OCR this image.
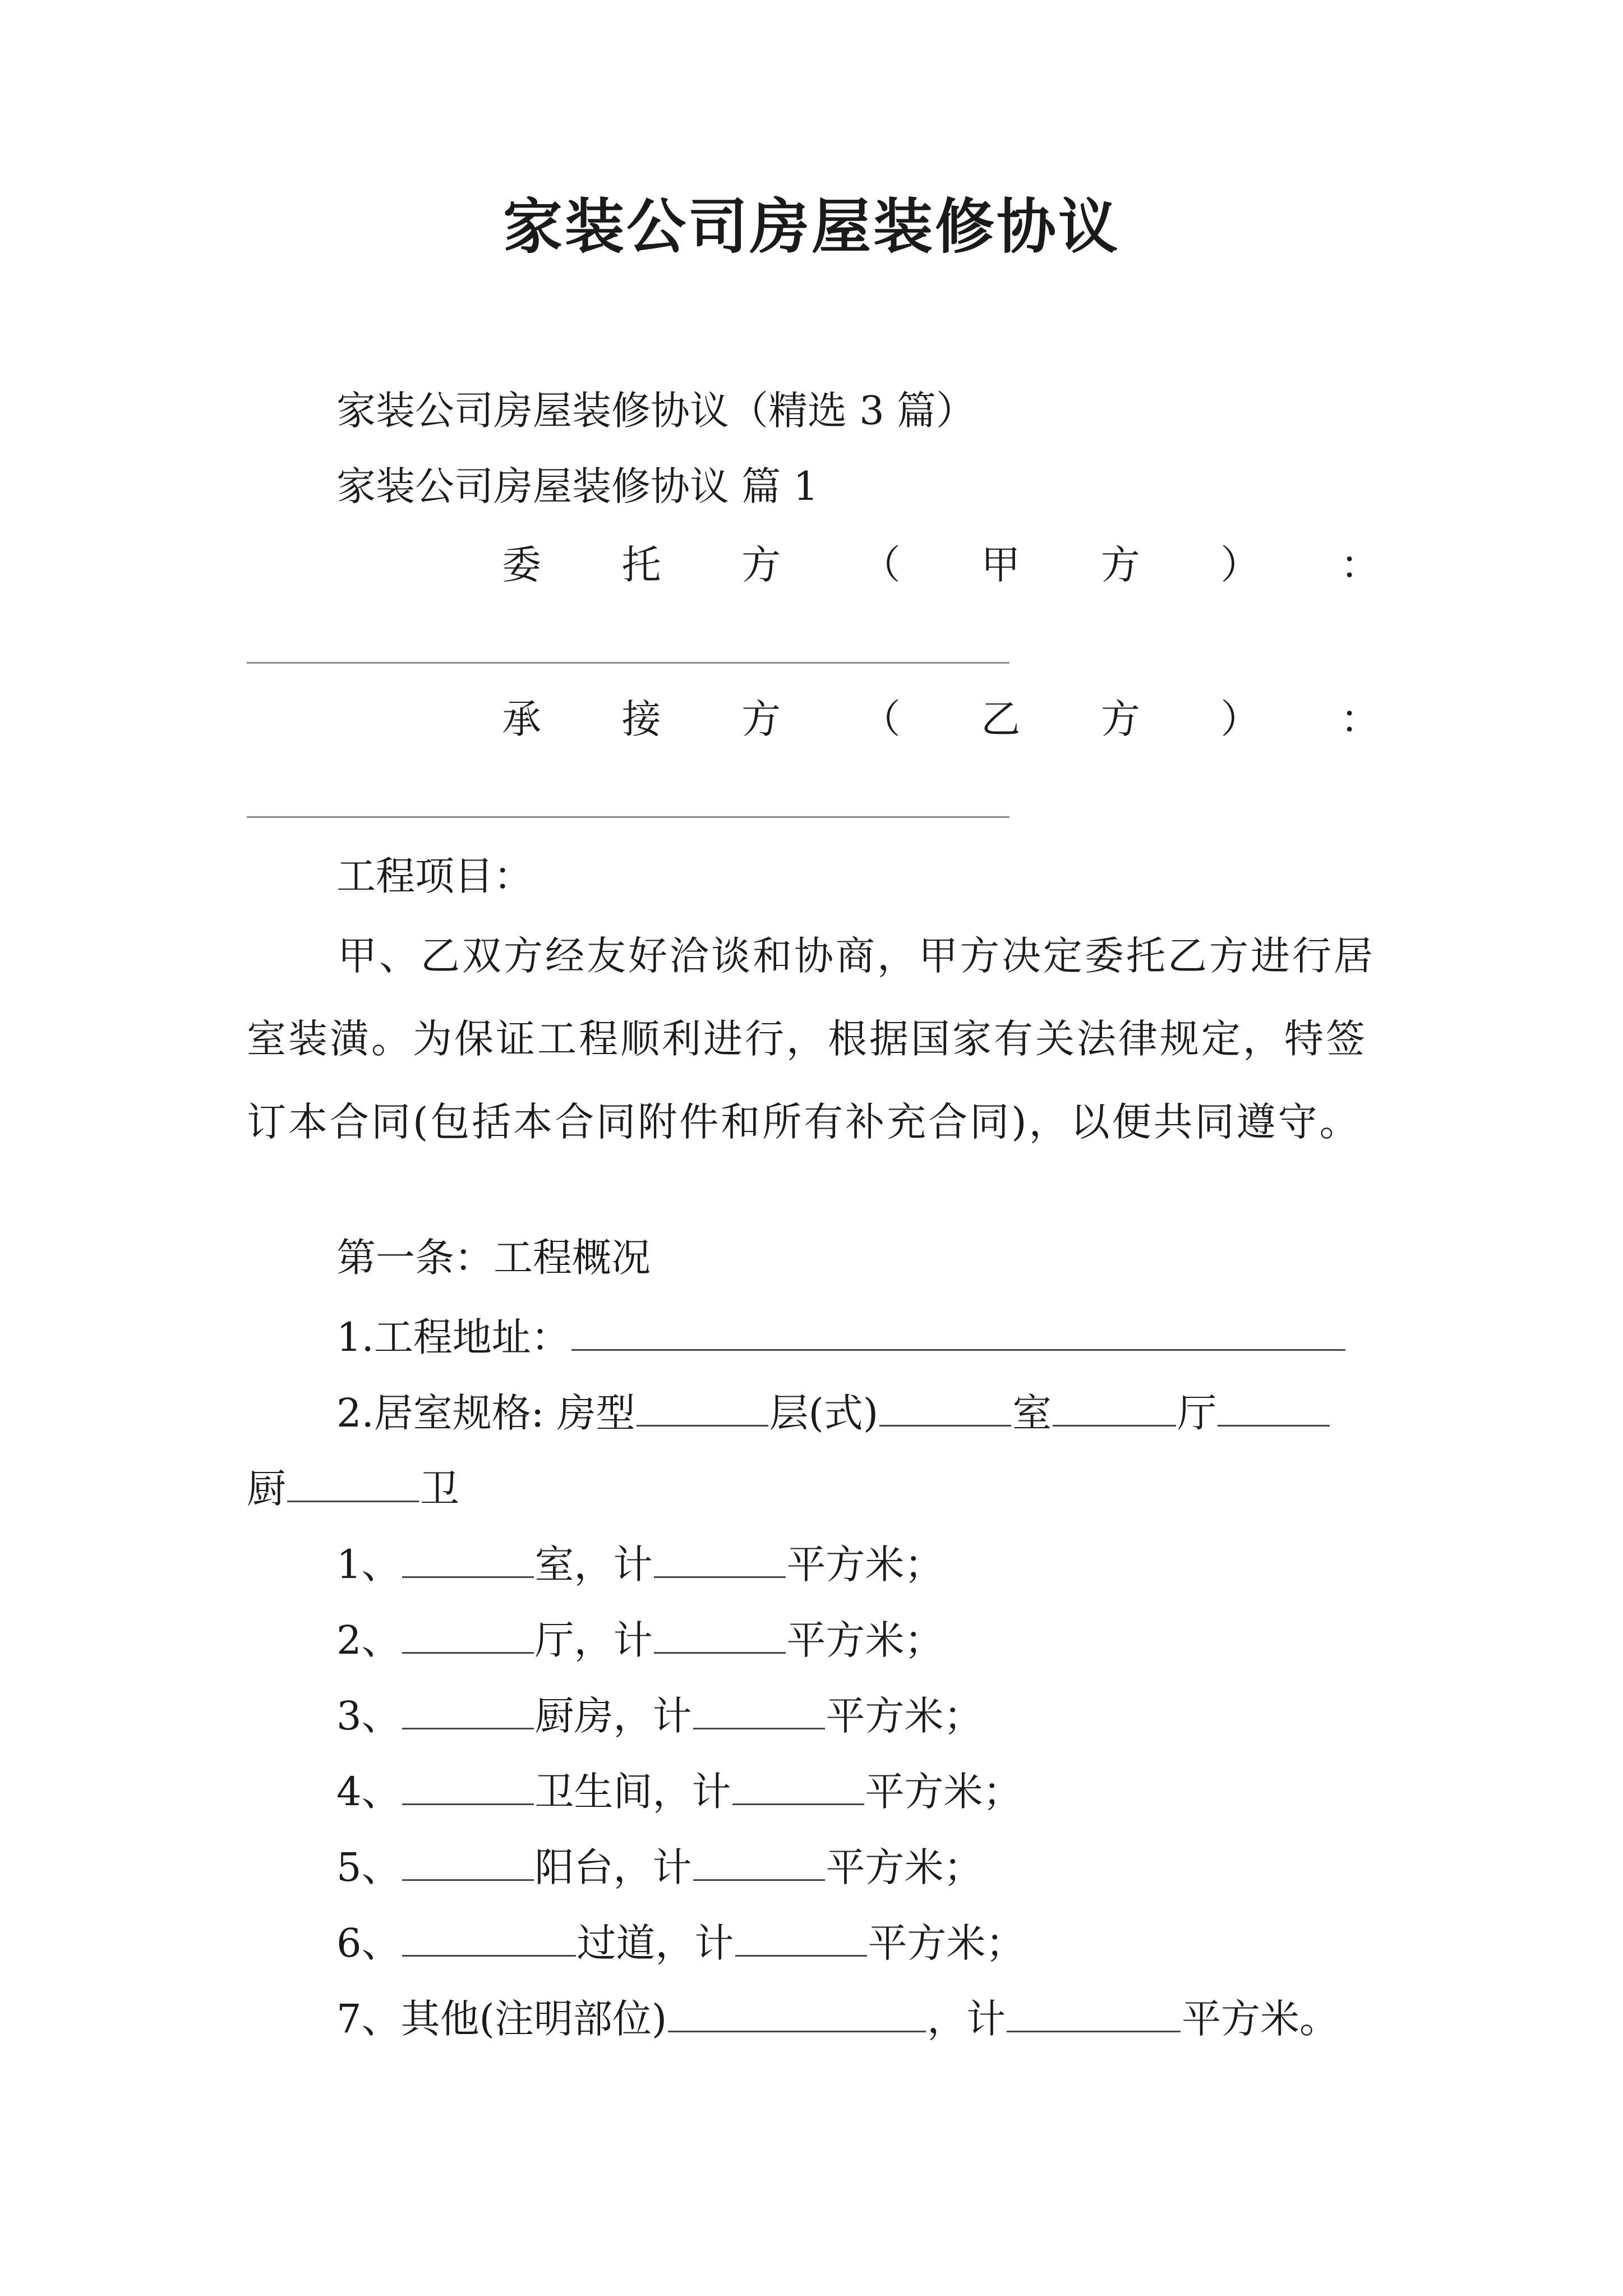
家装公司房屋装修协议
家装公司房屋装修协议（精选 3 篇）
家装公司房屋装修协议 篇 1
委 托 方 （ 甲 方 ） ：
承 接 方 （ 乙 方 ） ：
工程项目：
甲、乙双方经友好洽谈和协商，甲方决定委托乙方进行居室装潢。为保证工程顺利进行，根据国家有关法律规定，特签订本合同(包括本合同附件和所有补充合同)，以便共同遵守。
第一条：工程概况
1.工程地址：
2.居室规格: 房型	层(式)	室	厅
厨	卫
1、	室，计	平方米；
2、	厅，计	平方米；
3、	厨房，计	平方米；
4、	卫生间，计	平方米；
5、	阳台，计	平方米；
6、	过道，计	平方米；
7、其他(注明部位)	，计	平方米。
